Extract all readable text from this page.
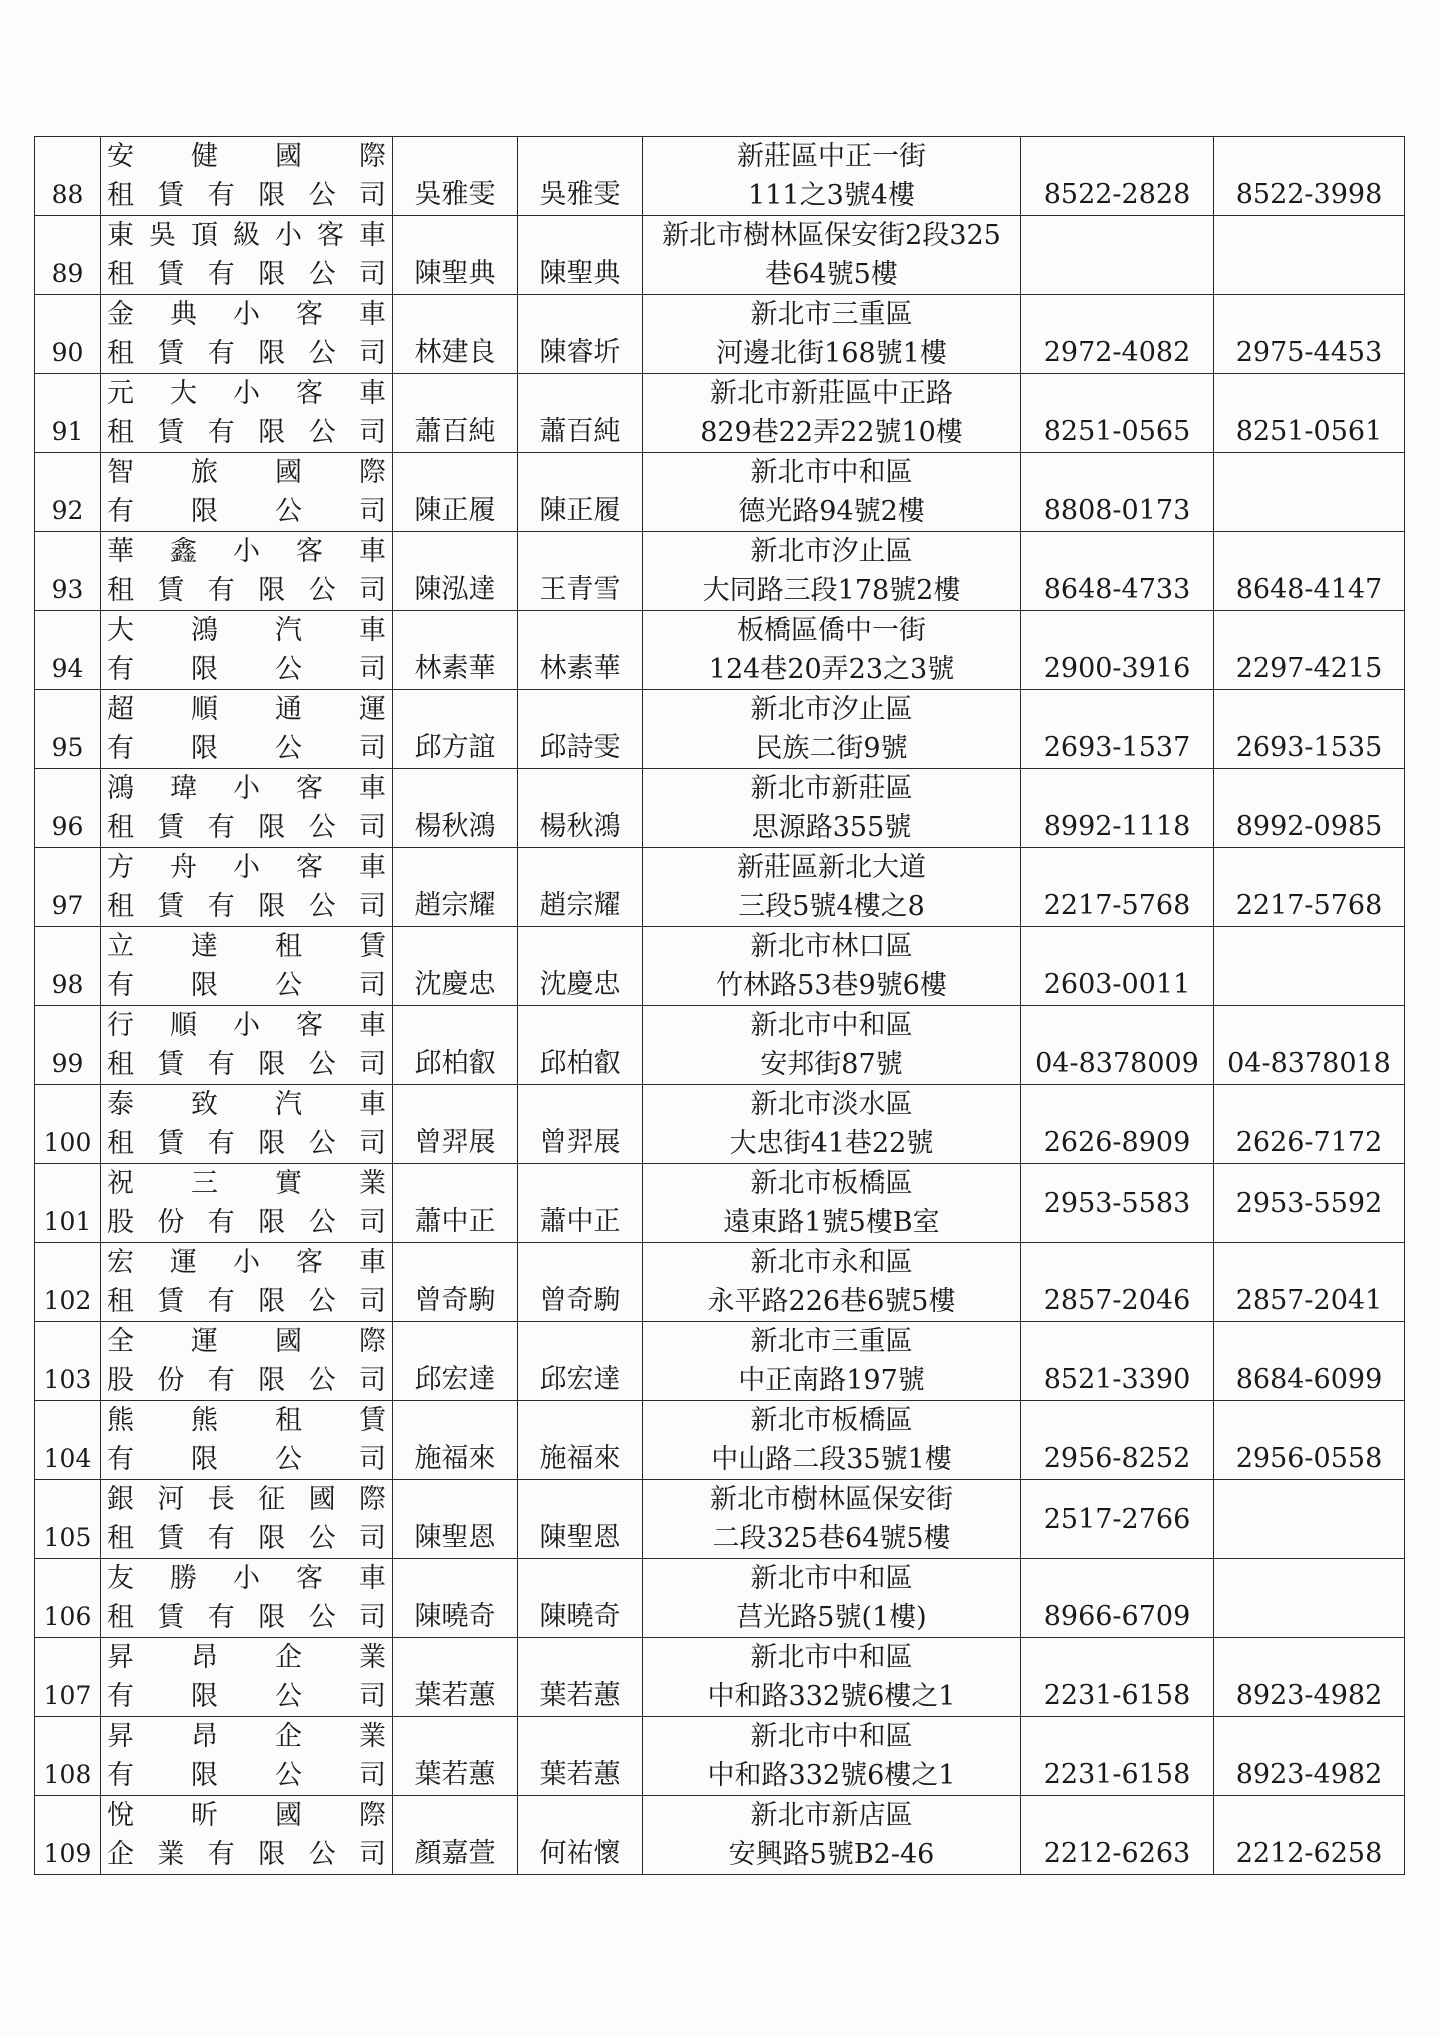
88	安健國際
租賃有限公司	吳雅雯	吳雅雯	新莊區中正一街
111之3號4樓	8522-2828	8522-3998
89	東吳頂級小客車
租賃有限公司	陳聖典	陳聖典	新北市樹林區保安街2段325
巷64號5樓		

90	金典小客車
租賃有限公司	林建良	陳睿圻	新北市三重區
河邊北街168號1樓	2972-4082	2975-4453
91	元大小客車
租賃有限公司	蕭百純	蕭百純	新北市新莊區中正路
829巷22弄22號10樓	8251-0565	8251-0561
92	智旅國際
有限公司	陳正履	陳正履	新北市中和區
德光路94號2樓	8808-0173	
93	華鑫小客車
租賃有限公司	陳泓達	王青雪	新北市汐止區
大同路三段178號2樓	8648-4733	8648-4147
94	大鴻汽車
有限公司	林素華	林素華	板橋區僑中一街
124巷20弄23之3號	2900-3916	2297-4215
95	超順通運
有限公司	邱方誼	邱詩雯	新北市汐止區
民族二街9號	2693-1537	2693-1535
96	鴻瑋小客車
租賃有限公司	楊秋鴻	楊秋鴻	新北市新莊區
思源路355號	8992-1118	8992-0985
97	方舟小客車
租賃有限公司	趙宗耀	趙宗耀	新莊區新北大道
三段5號4樓之8	2217-5768	2217-5768
98	立達租賃
有限公司	沈慶忠	沈慶忠	新北市林口區
竹林路53巷9號6樓	2603-0011	
99	行順小客車
租賃有限公司	邱柏叡	邱柏叡	新北市中和區
安邦街87號	04-8378009	04-8378018
100	泰致汽車
租賃有限公司	曾羿展	曾羿展	新北市淡水區
大忠街41巷22號	2626-8909	2626-7172
101	祝三實業
股份有限公司	蕭中正	蕭中正	新北市板橋區
遠東路1號5樓B室	2953-5583	2953-5592
102	宏運小客車
租賃有限公司	曾奇駒	曾奇駒	新北市永和區
永平路226巷6號5樓	2857-2046	2857-2041
103	全運國際
股份有限公司	邱宏達	邱宏達	新北市三重區
中正南路197號	8521-3390	8684-6099
104	熊熊租賃
有限公司	施福來	施福來	新北市板橋區
中山路二段35號1樓	2956-8252	2956-0558
105	銀河長征國際
租賃有限公司	陳聖恩	陳聖恩	新北市樹林區保安街
二段325巷64號5樓	2517-2766	
106	友勝小客車
租賃有限公司	陳曉奇	陳曉奇	新北市中和區
莒光路5號(1樓)	8966-6709	
107	昇昂企業
有限公司	葉若蕙	葉若蕙	新北市中和區
中和路332號6樓之1	2231-6158	8923-4982
108	昇昂企業
有限公司	葉若蕙	葉若蕙	新北市中和區
中和路332號6樓之1	2231-6158	8923-4982
109	悅昕國際
企業有限公司	顏嘉萱	何祐懷	新北市新店區
安興路5號B2-46	2212-6263	2212-6258
